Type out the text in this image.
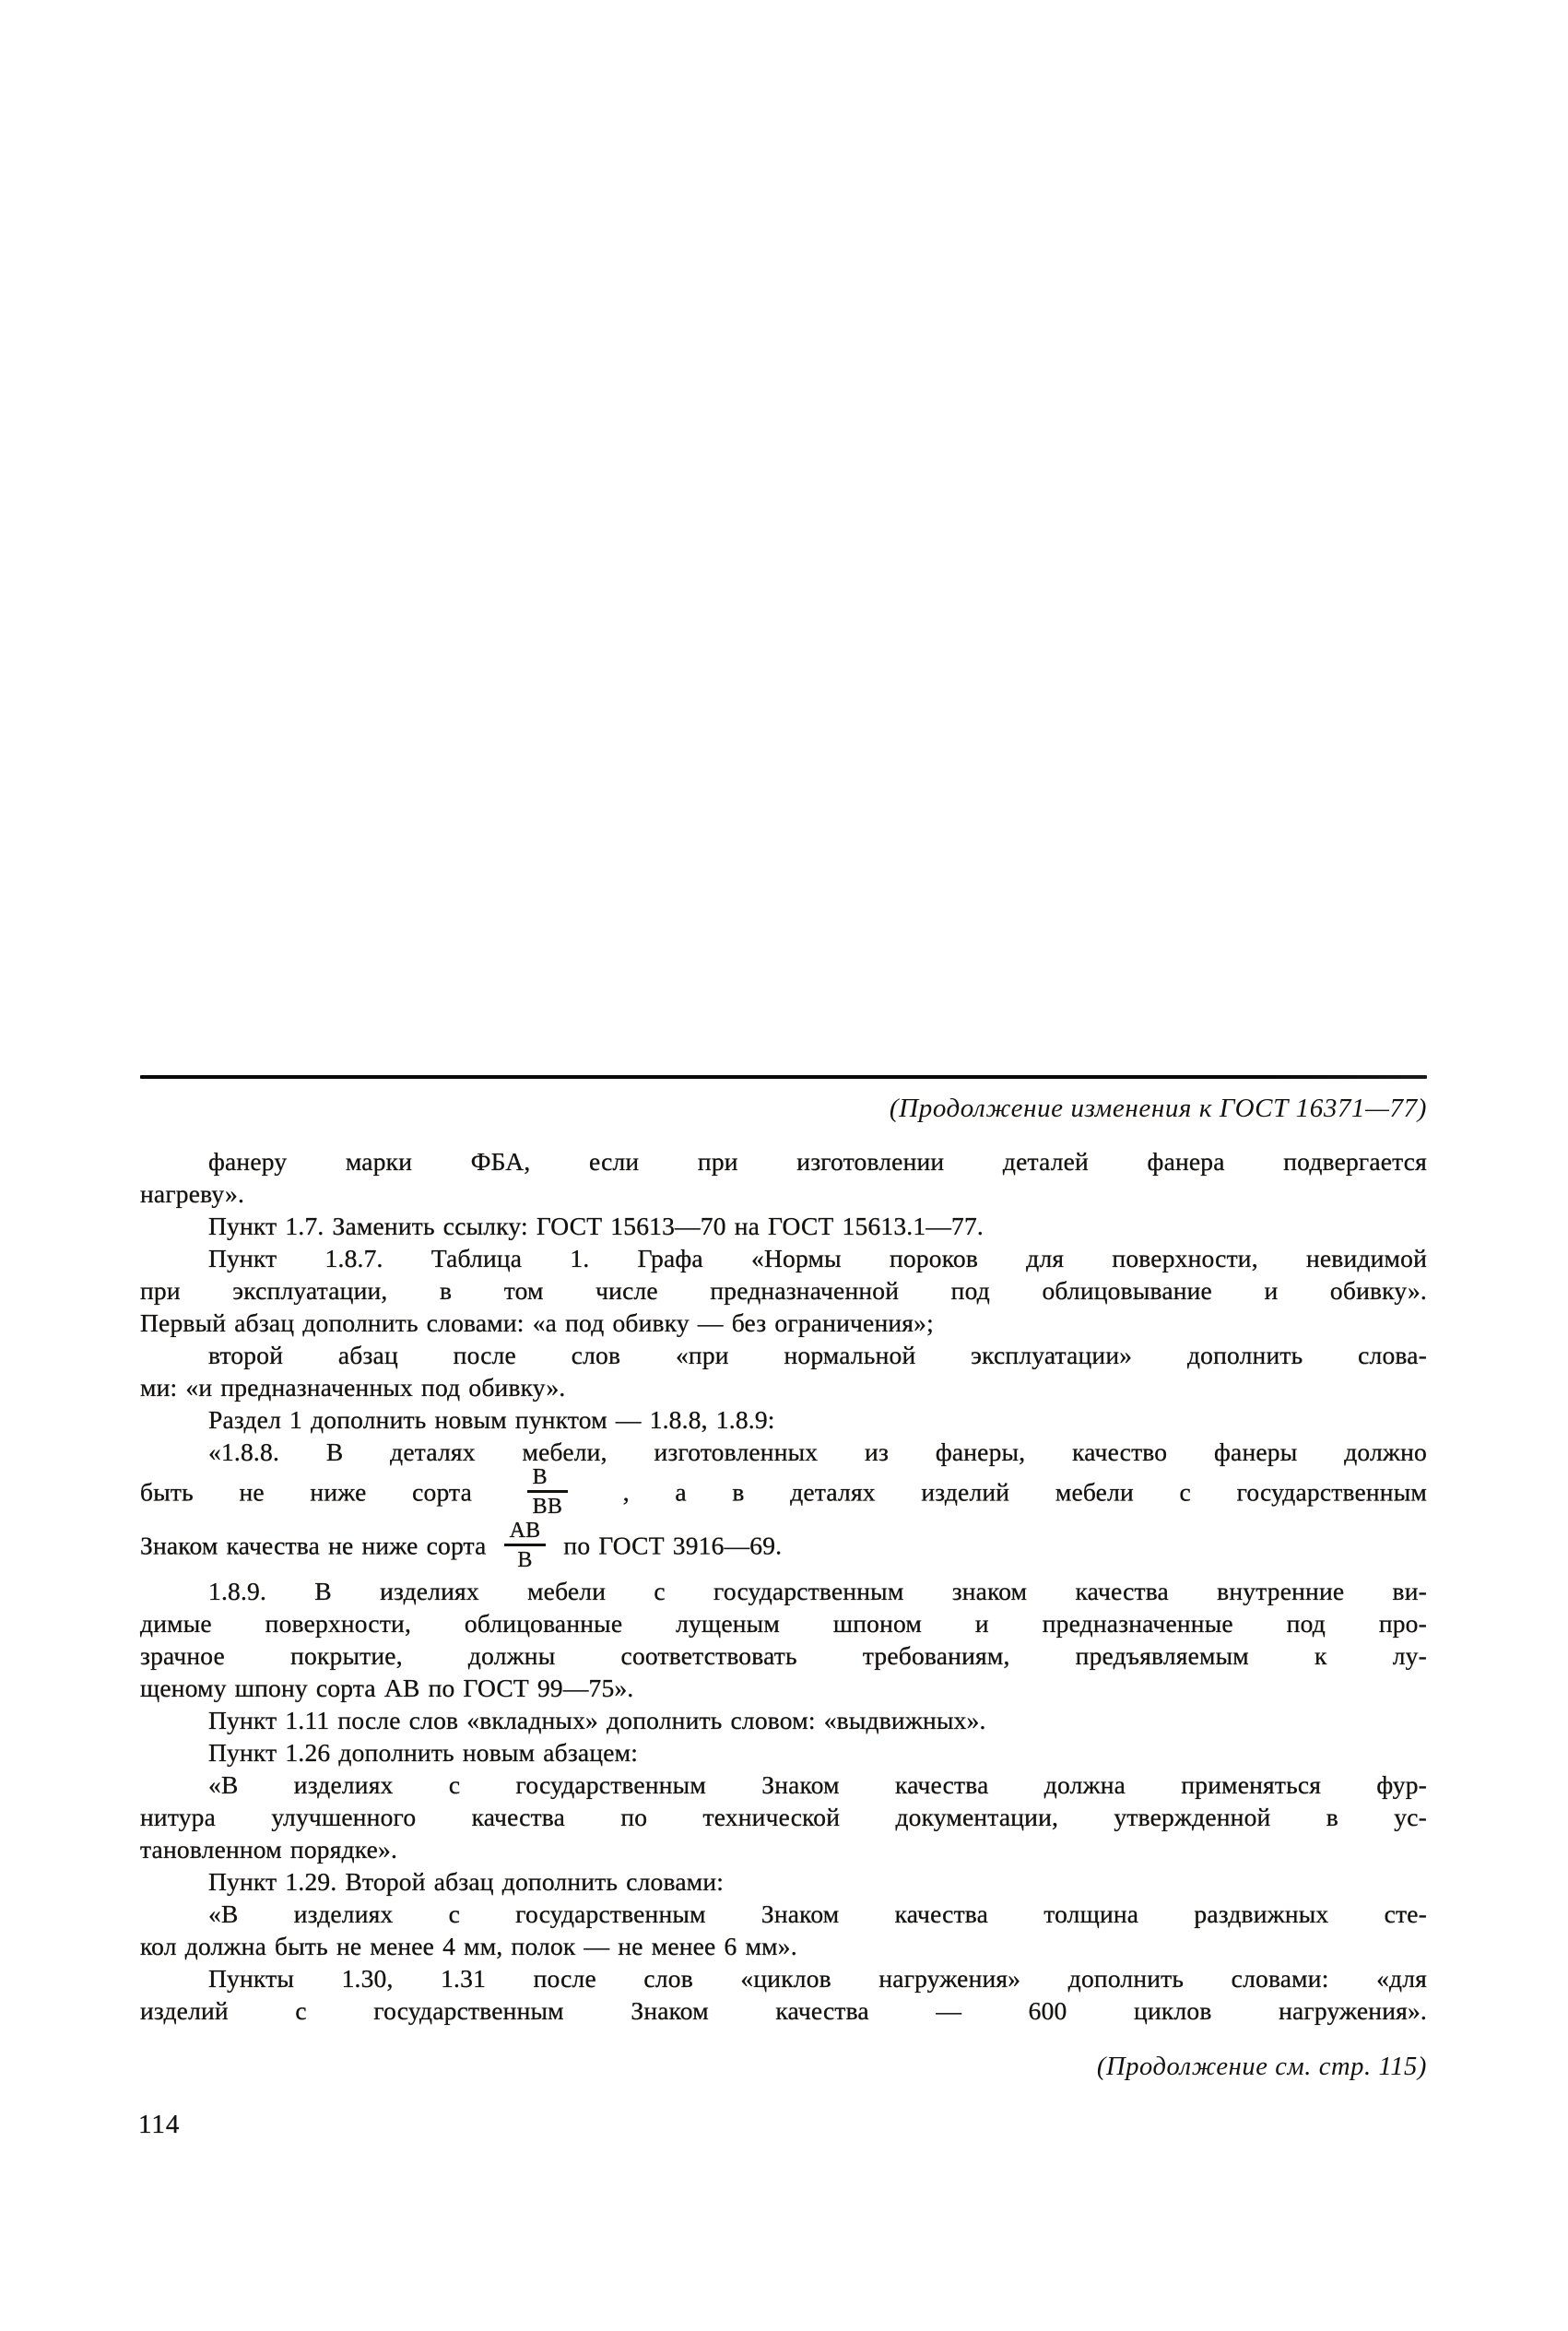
(Продолжение изменения к ГОСТ 16371—77)
фанеру марки ФБА, если при изготовлении деталей фанера подвергается
нагреву».
Пункт 1.7. Заменить ссылку: ГОСТ 15613—70 на ГОСТ 15613.1—77.
Пункт 1.8.7. Таблица 1. Графа «Нормы пороков для поверхности, невидимой
при эксплуатации, в том числе предназначенной под облицовывание и обивку».
Первый абзац дополнить словами: «а под обивку — без ограничения»;
второй абзац после слов «при нормальной эксплуатации» дополнить слова-
ми: «и предназначенных под обивку».
Раздел 1 дополнить новым пунктом — 1.8.8, 1.8.9:
«1.8.8. В деталях мебели, изготовленных из фанеры, качество фанеры должно
быть не ниже сорта $\frac{В}{ВВ}$ , а в деталях изделий мебели с государственным
Знаком качества не ниже сорта $\frac{АВ}{В}$ по ГОСТ 3916—69.
1.8.9. В изделиях мебели с государственным знаком качества внутренние ви-
димые поверхности, облицованные лущеным шпоном и предназначенные под про-
зрачное покрытие, должны соответствовать требованиям, предъявляемым к лу-
щеному шпону сорта АВ по ГОСТ 99—75».
Пункт 1.11 после слов «вкладных» дополнить словом: «выдвижных».
Пункт 1.26 дополнить новым абзацем:
«В изделиях с государственным Знаком качества должна применяться фур-
нитура улучшенного качества по технической документации, утвержденной в ус-
тановленном порядке».
Пункт 1.29. Второй абзац дополнить словами:
«В изделиях с государственным Знаком качества толщина раздвижных сте-
кол должна быть не менее 4 мм, полок — не менее 6 мм».
Пункты 1.30, 1.31 после слов «циклов нагружения» дополнить словами: «для
изделий с государственным Знаком качества — 600 циклов нагружения».
(Продолжение см. стр. 115)
114
